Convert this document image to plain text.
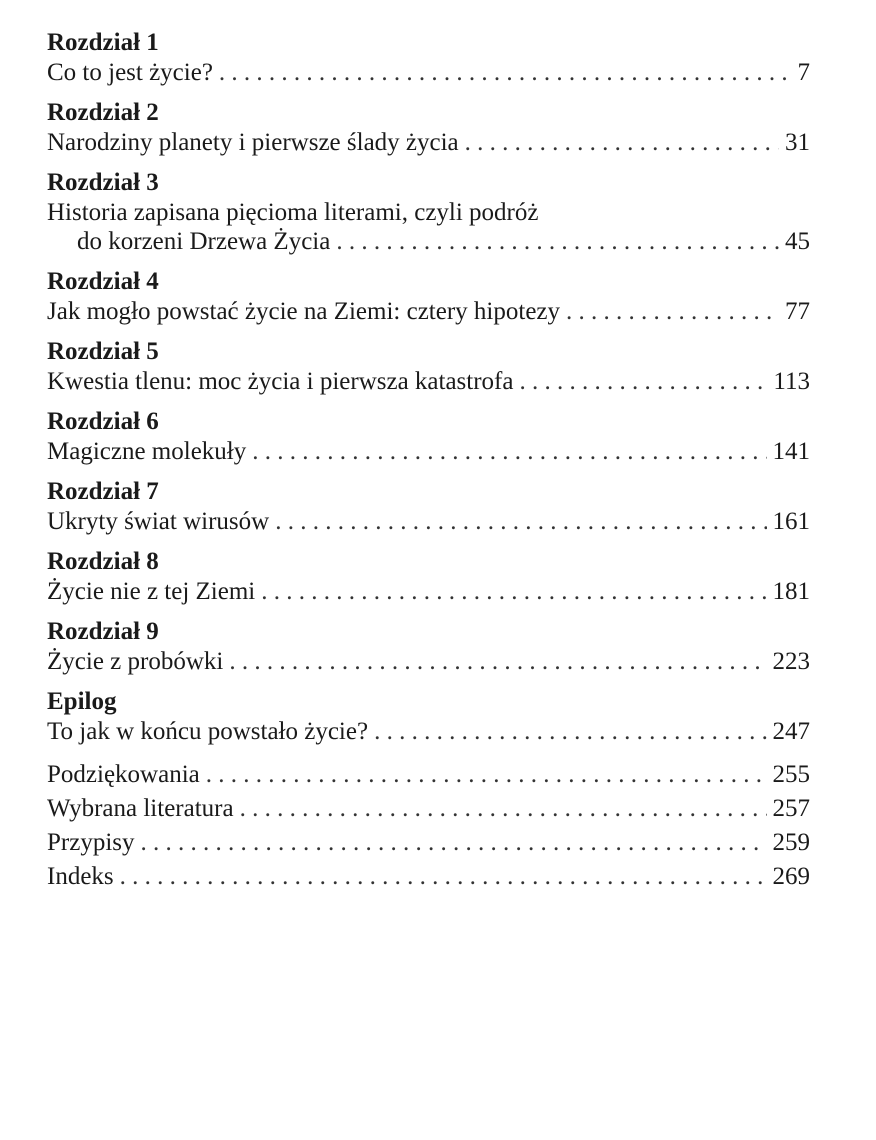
Rozdział 1
Co to jest życie? . . .	7
Rozdział 2
Narodziny planety i pierwsze ślady życia . . .	31
Rozdział 3
Historia zapisana pięcioma literami, czyli podróż
do korzeni Drzewa Życia . . .	45
Rozdział 4
Jak mogło powstać życie na Ziemi: cztery hipotezy . . .	77
Rozdział 5
Kwestia tlenu: moc życia i pierwsza katastrofa . . .	113
Rozdział 6
Magiczne molekuły . . .	141
Rozdział 7
Ukryty świat wirusów . . .	161
Rozdział 8
Życie nie z tej Ziemi . . .	181
Rozdział 9
Życie z probówki . . .	223
Epilog
To jak w końcu powstało życie? . . .	247
Podziękowania . . .	255
Wybrana literatura . . .	257
Przypisy . . .	259
Indeks . . .	269
